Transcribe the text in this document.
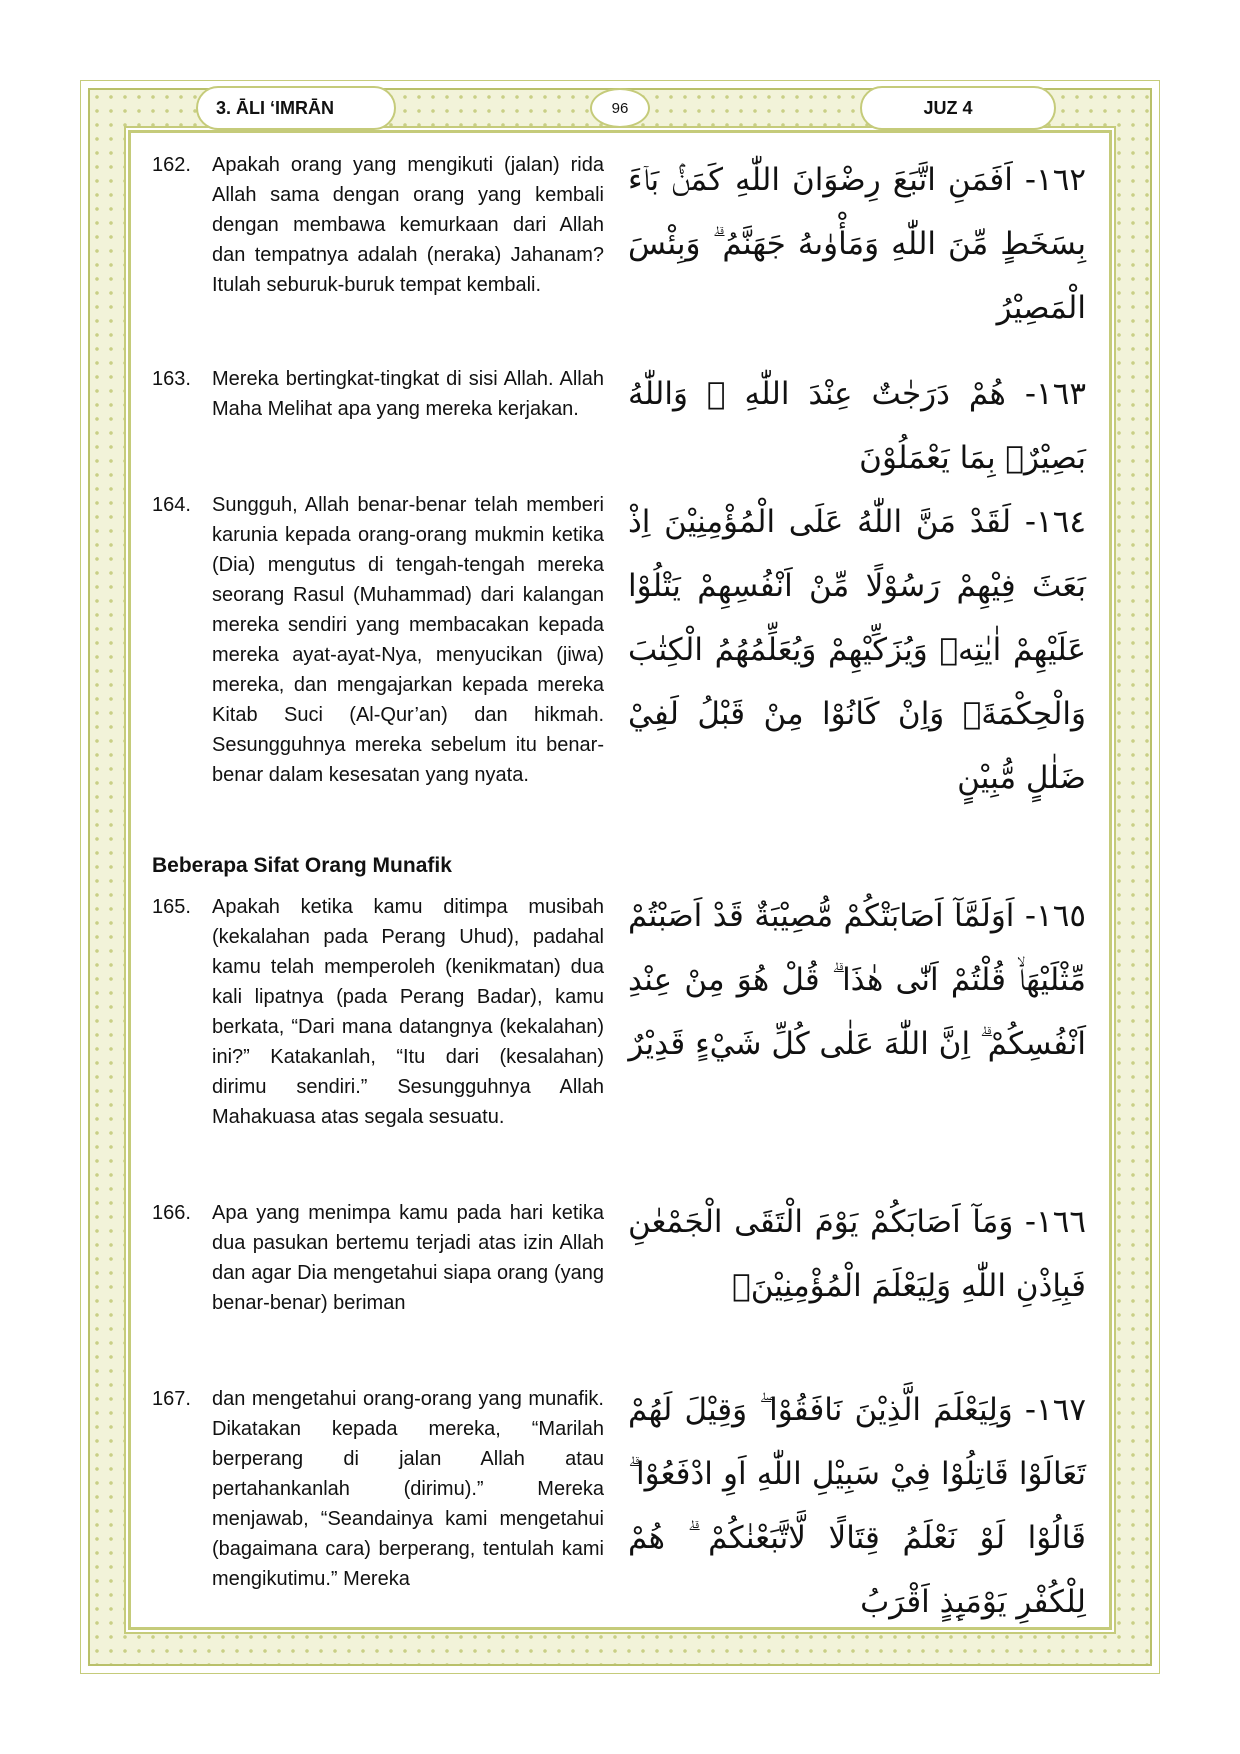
3. ĀLI ‘IMRĀN	96	JUZ 4
162. Apakah orang yang mengikuti (jalan) rida Allah sama dengan orang yang kembali dengan membawa kemurkaan dari Allah dan tempatnya adalah (neraka) Jahanam? Itulah seburuk-buruk tempat kembali.
١٦٢- اَفَمَنِ اتَّبَعَ رِضْوَانَ اللّٰهِ كَمَنْۢ بَاۤءَ بِسَخَطٍ مِّنَ اللّٰهِ وَمَأْوٰىهُ جَهَنَّمُ ۗ وَبِئْسَ الْمَصِيْرُ
163. Mereka bertingkat-tingkat di sisi Allah. Allah Maha Melihat apa yang mereka kerjakan.	١٦٣- هُمْ دَرَجٰتٌ عِنْدَ اللّٰهِ ۗ وَاللّٰهُ بَصِيْرٌۢ بِمَا يَعْمَلُوْنَ
164. Sungguh, Allah benar-benar telah memberi karunia kepada orang-orang mukmin ketika (Dia) mengutus di tengah-tengah mereka seorang Rasul (Muhammad) dari kalangan mereka sendiri yang membacakan kepada mereka ayat-ayat-Nya, menyucikan (jiwa) mereka, dan mengajarkan kepada mereka Kitab Suci (Al-Qur’an) dan hikmah. Sesungguhnya mereka sebelum itu benar-benar dalam kesesatan yang nyata.
١٦٤- لَقَدْ مَنَّ اللّٰهُ عَلَى الْمُؤْمِنِيْنَ اِذْ بَعَثَ فِيْهِمْ رَسُوْلًا مِّنْ اَنْفُسِهِمْ يَتْلُوْا عَلَيْهِمْ اٰيٰتِهٖ وَيُزَكِّيْهِمْ وَيُعَلِّمُهُمُ الْكِتٰبَ وَالْحِكْمَةَۚ وَاِنْ كَانُوْا مِنْ قَبْلُ لَفِيْ ضَلٰلٍ مُّبِيْنٍ
Beberapa Sifat Orang Munafik
165. Apakah ketika kamu ditimpa musibah (kekalahan pada Perang Uhud), padahal kamu telah memperoleh (kenikmatan) dua kali lipatnya (pada Perang Badar), kamu berkata, “Dari mana datangnya (kekalahan) ini?” Katakanlah, “Itu dari (kesalahan) dirimu sendiri.” Sesungguhnya Allah Mahakuasa atas segala sesuatu.
١٦٥- اَوَلَمَّآ اَصَابَتْكُمْ مُّصِيْبَةٌ قَدْ اَصَبْتُمْ مِّثْلَيْهَاۙ قُلْتُمْ اَنّٰى هٰذَا ۗ قُلْ هُوَ مِنْ عِنْدِ اَنْفُسِكُمْ ۗ اِنَّ اللّٰهَ عَلٰى كُلِّ شَيْءٍ قَدِيْرٌ
166. Apa yang menimpa kamu pada hari ketika dua pasukan bertemu terjadi atas izin Allah dan agar Dia mengetahui siapa orang (yang benar-benar) beriman
١٦٦- وَمَآ اَصَابَكُمْ يَوْمَ الْتَقَى الْجَمْعٰنِ فَبِاِذْنِ اللّٰهِ وَلِيَعْلَمَ الْمُؤْمِنِيْنَۙ
167. dan mengetahui orang-orang yang munafik. Dikatakan kepada mereka, “Marilah berperang di jalan Allah atau pertahankanlah (dirimu).” Mereka menjawab, “Seandainya kami mengetahui (bagaimana cara) berperang, tentulah kami mengikutimu.” Mereka
١٦٧- وَلِيَعْلَمَ الَّذِيْنَ نَافَقُوْا ۖ وَقِيْلَ لَهُمْ تَعَالَوْا قَاتِلُوْا فِيْ سَبِيْلِ اللّٰهِ اَوِ ادْفَعُوْا ۗ قَالُوْا لَوْ نَعْلَمُ قِتَالًا لَّاتَّبَعْنٰكُمْ ۗ هُمْ لِلْكُفْرِ يَوْمَىِٕذٍ اَقْرَبُ
